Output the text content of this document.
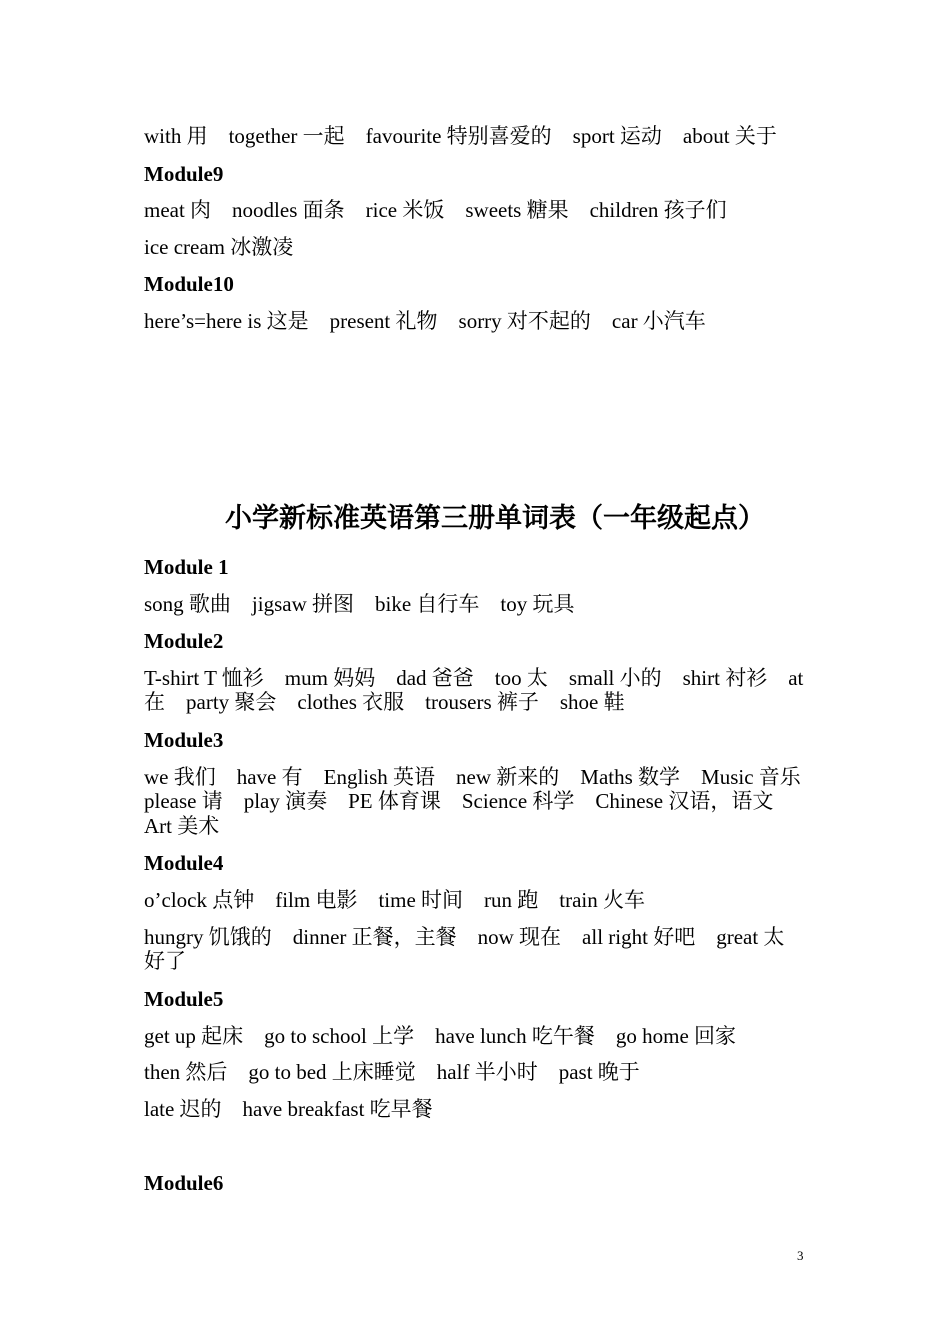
with 用　together 一起　favourite 特别喜爱的　sport 运动　about 关于
Module9
meat 肉　noodles 面条　rice 米饭　sweets 糖果　children 孩子们
ice cream 冰激凌
Module10
here’s=here is 这是　present 礼物　sorry 对不起的　car 小汽车
小学新标准英语第三册单词表（一年级起点）
Module 1
song 歌曲　jigsaw 拼图　bike 自行车　toy 玩具
Module2
T-shirt T 恤衫　mum 妈妈　dad 爸爸　too 太　small 小的　shirt 衬衫　at
在　party 聚会　clothes 衣服　trousers 裤子　shoe 鞋
Module3
we 我们　have 有　English 英语　new 新来的　Maths 数学　Music 音乐
please 请　play 演奏　PE 体育课　Science 科学　Chinese 汉语，语文
Art 美术
Module4
o’clock 点钟　film 电影　time 时间　run 跑　train 火车
hungry 饥饿的　dinner 正餐，主餐　now 现在　all right 好吧　great 太
好了
Module5
get up 起床　go to school 上学　have lunch 吃午餐　go home 回家
then 然后　go to bed 上床睡觉　half 半小时　past 晚于
late 迟的　have breakfast 吃早餐
Module6
3
